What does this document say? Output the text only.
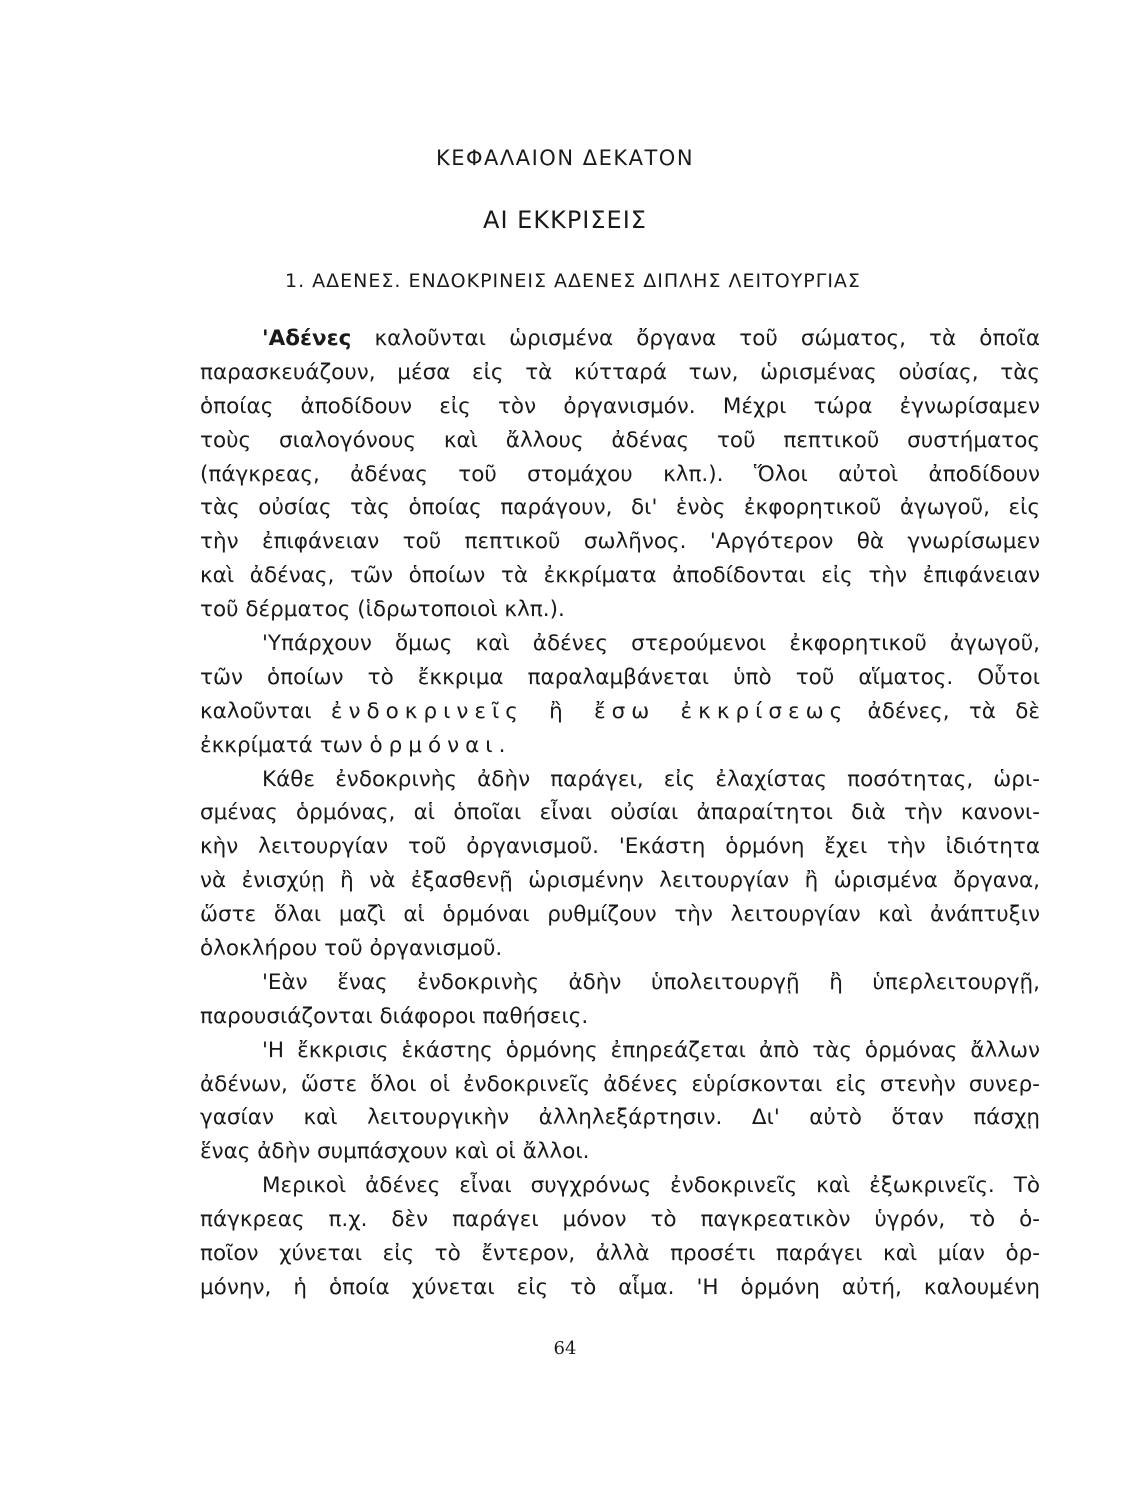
ΚΕΦΑΛΑΙΟΝ ΔΕΚΑΤΟΝ
ΑΙ ΕΚΚΡΙΣΕΙΣ
1. ΑΔΕΝΕΣ. ΕΝΔΟΚΡΙΝΕΙΣ ΑΔΕΝΕΣ ΔΙΠΛΗΣ ΛΕΙΤΟΥΡΓΙΑΣ
'Αδένες καλοῦνται ὡρισμένα ὄργανα τοῦ σώματος, τὰ ὁποῖα
παρασκευάζουν, μέσα εἰς τὰ κύτταρά των, ὡρισμένας οὐσίας, τὰς
ὁποίας ἀποδίδουν εἰς τὸν ὀργανισμόν. Μέχρι τώρα ἐγνωρίσαμεν
τοὺς σιαλογόνους καὶ ἄλλους ἀδένας τοῦ πεπτικοῦ συστήματος
(πάγκρεας, ἀδένας τοῦ στομάχου κλπ.). Ὅλοι αὐτοὶ ἀποδίδουν
τὰς οὐσίας τὰς ὁποίας παράγουν, δι' ἑνὸς ἐκφορητικοῦ ἀγωγοῦ, εἰς
τὴν ἐπιφάνειαν τοῦ πεπτικοῦ σωλῆνος. 'Αργότερον θὰ γνωρίσωμεν
καὶ ἀδένας, τῶν ὁποίων τὰ ἐκκρίματα ἀποδίδονται εἰς τὴν ἐπιφάνειαν
τοῦ δέρματος (ἱδρωτοποιοὶ κλπ.).
'Υπάρχουν ὅμως καὶ ἀδένες στερούμενοι ἐκφορητικοῦ ἀγωγοῦ,
τῶν ὁποίων τὸ ἔκκριμα παραλαμβάνεται ὑπὸ τοῦ αἵματος. Οὗτοι
καλοῦνται ἐνδοκρινεῖς ἢ ἔσω ἐκκρίσεως ἀδένες, τὰ δὲ
ἐκκρίματά των ὁρμόναι.
Κάθε ἐνδοκρινὴς ἀδὴν παράγει, εἰς ἐλαχίστας ποσότητας, ὡρι-
σμένας ὁρμόνας, αἱ ὁποῖαι εἶναι οὐσίαι ἀπαραίτητοι διὰ τὴν κανονι-
κὴν λειτουργίαν τοῦ ὀργανισμοῦ. 'Εκάστη ὁρμόνη ἔχει τὴν ἰδιότητα
νὰ ἐνισχύῃ ἢ νὰ ἐξασθενῇ ὡρισμένην λειτουργίαν ἢ ὡρισμένα ὄργανα,
ὥστε ὅλαι μαζὶ αἱ ὁρμόναι ρυθμίζουν τὴν λειτουργίαν καὶ ἀνάπτυξιν
ὁλοκλήρου τοῦ ὀργανισμοῦ.
'Εὰν ἕνας ἐνδοκρινὴς ἀδὴν ὑπολειτουργῇ ἢ ὑπερλειτουργῇ,
παρουσιάζονται διάφοροι παθήσεις.
'Η ἔκκρισις ἑκάστης ὁρμόνης ἐπηρεάζεται ἀπὸ τὰς ὁρμόνας ἄλλων
ἀδένων, ὥστε ὅλοι οἱ ἐνδοκρινεῖς ἀδένες εὑρίσκονται εἰς στενὴν συνερ-
γασίαν καὶ λειτουργικὴν ἀλληλεξάρτησιν. Δι' αὐτὸ ὅταν πάσχῃ
ἕνας ἀδὴν συμπάσχουν καὶ οἱ ἄλλοι.
Μερικοὶ ἀδένες εἶναι συγχρόνως ἐνδοκρινεῖς καὶ ἐξωκρινεῖς. Τὸ
πάγκρεας π.χ. δὲν παράγει μόνον τὸ παγκρεατικὸν ὑγρόν, τὸ ὁ-
ποῖον χύνεται εἰς τὸ ἔντερον, ἀλλὰ προσέτι παράγει καὶ μίαν ὁρ-
μόνην, ἡ ὁποία χύνεται εἰς τὸ αἷμα. 'Η ὁρμόνη αὐτή, καλουμένη
64
